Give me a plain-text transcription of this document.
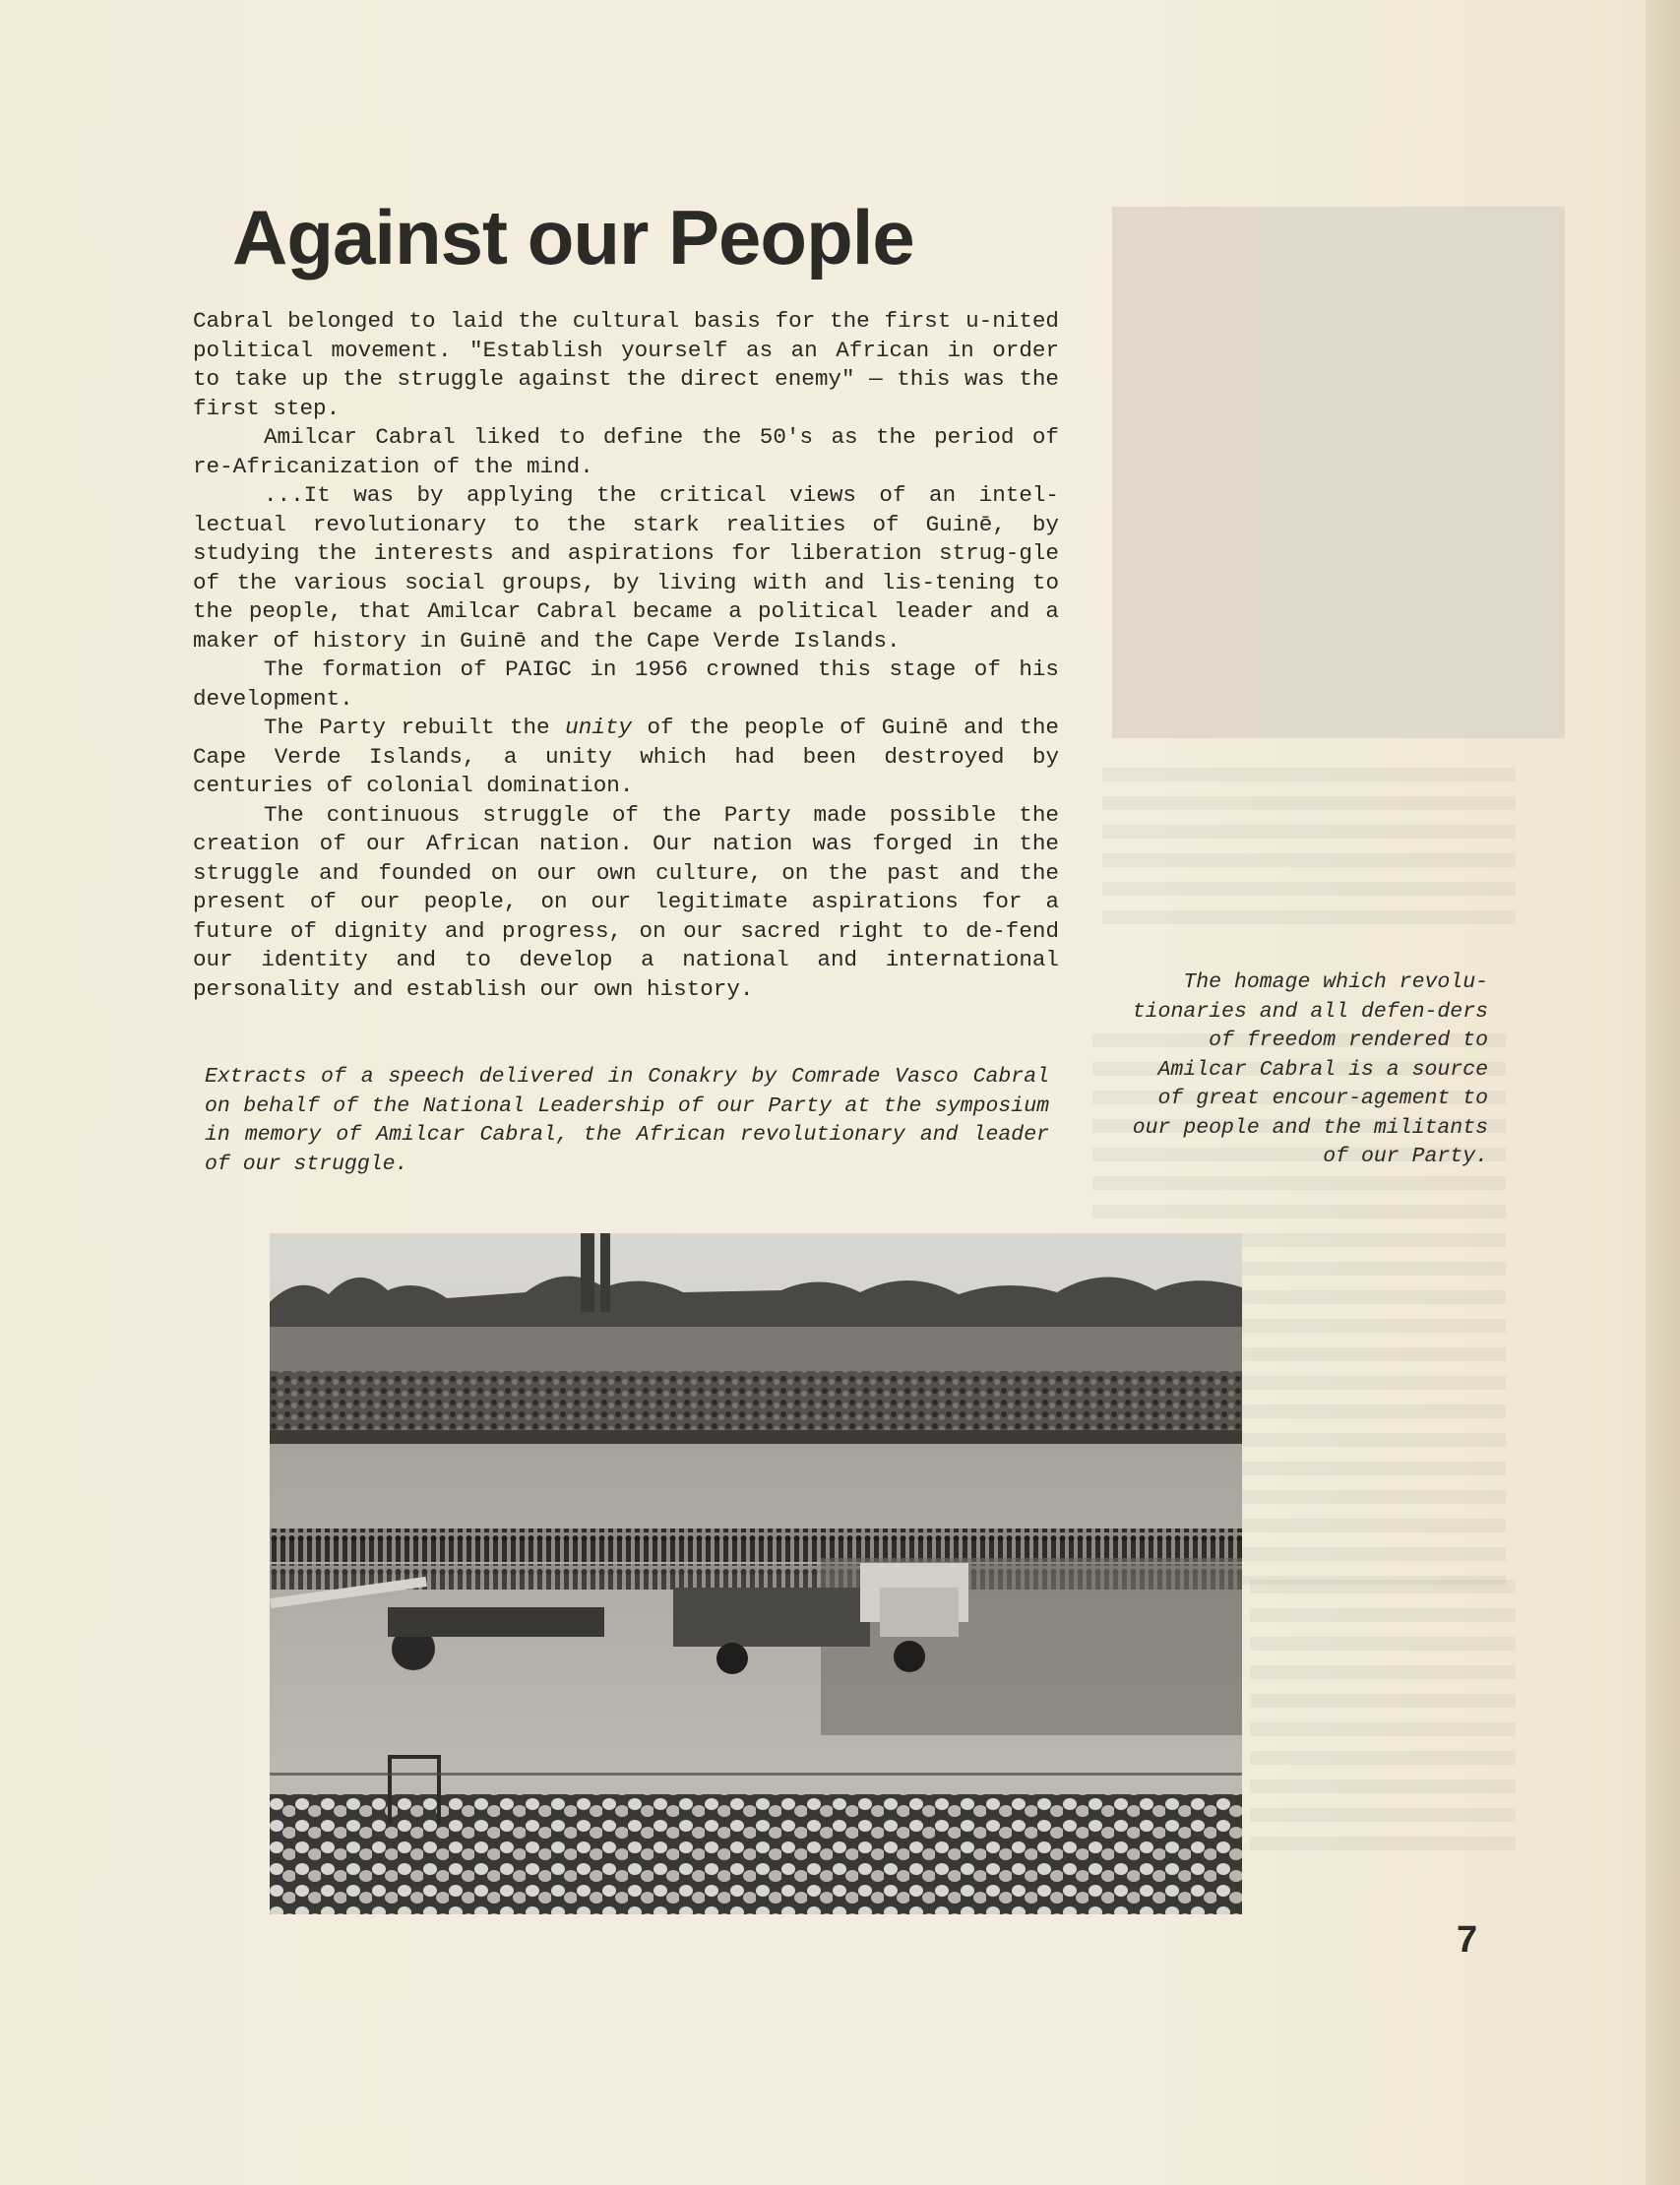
Against our People

Cabral belonged to laid the cultural basis for the first u-nited political movement. "Establish yourself as an African in order to take up the struggle against the direct enemy" — this was the first step.

Amilcar Cabral liked to define the 50's as the period of re-Africanization of the mind.

...It was by applying the critical views of an intel-lectual revolutionary to the stark realities of Guinē, by studying the interests and aspirations for liberation strug-gle of the various social groups, by living with and lis-tening to the people, that Amilcar Cabral became a political leader and a maker of history in Guinē and the Cape Verde Islands.

The formation of PAIGC in 1956 crowned this stage of his development.

The Party rebuilt the unity of the people of Guinē and the Cape Verde Islands, a unity which had been destroyed by centuries of colonial domination.

The continuous struggle of the Party made possible the creation of our African nation. Our nation was forged in the struggle and founded on our own culture, on the past and the present of our people, on our legitimate aspirations for a future of dignity and progress, on our sacred right to de-fend our identity and to develop a national and international personality and establish our own history.

Extracts of a speech delivered in Conakry by Comrade Vasco Cabral on behalf of the National Leadership of our Party at the symposium in memory of Amilcar Cabral, the African revolutionary and leader of our struggle.
The homage which revolu-tionaries and all defen-ders of freedom rendered to Amilcar Cabral is a source of great encour-agement to our people and the militants of our Party.
7
